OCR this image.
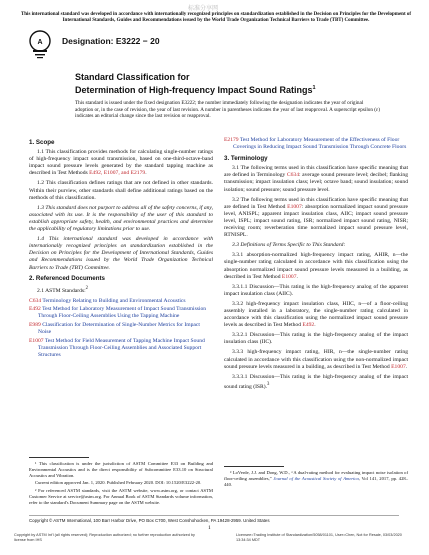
标准分享网
This international standard was developed in accordance with internationally recognized principles on standardization established in the Decision on Principles for the Development of International Standards, Guides and Recommendations issued by the World Trade Organization Technical Barriers to Trade (TBT) Committee.
A Designation: E3222 − 20
Standard Classification for
Determination of High-frequency Impact Sound Ratings$^1$
This standard is issued under the fixed designation E3222; the number immediately following the designation indicates the year of original adoption or, in the case of revision, the year of last revision. A number in parentheses indicates the year of last reapproval. A superscript epsilon (ε) indicates an editorial change since the last revision or reapproval.
1. Scope

1.1 This classification provides methods for calculating single-number ratings of high-frequency impact sound transmission, based on one-third-octave-band impact sound pressure levels generated by the standard tapping machine as described in Test Methods E492, E1007, and E2179.

1.2 This classification defines ratings that are not defined in other standards. Within their purview, other standards shall define additional ratings based on the methods of this classification.

1.3 This standard does not purport to address all of the safety concerns, if any, associated with its use. It is the responsibility of the user of this standard to establish appropriate safety, health, and environmental practices and determine the applicability of regulatory limitations prior to use.

1.4 This international standard was developed in accordance with internationally recognized principles on standardization established in the Decision on Principles for the Development of International Standards, Guides and Recommendations issued by the World Trade Organization Technical Barriers to Trade (TBT) Committee.

2. Referenced Documents

2.1 ASTM Standards:$^2$

C634 Terminology Relating to Building and Environmental Acoustics
E492 Test Method for Laboratory Measurement of Impact Sound Transmission Through Floor-Ceiling Assemblies Using the Tapping Machine
E989 Classification for Determination of Single-Number Metrics for Impact Noise
E1007 Test Method for Field Measurement of Tapping Machine Impact Sound Transmission Through Floor-Ceiling Assemblies and Associated Support Structures

¹ This classification is under the jurisdiction of ASTM Committee E33 on Building and Environmental Acoustics and is the direct responsibility of Subcommittee E33.10 on Structural Acoustics and Vibration.

Current edition approved Jan. 1, 2020. Published February 2020. DOI: 10.1520/E3222-20.

² For referenced ASTM standards, visit the ASTM website, www.astm.org, or contact ASTM Customer Service at service@astm.org. For Annual Book of ASTM Standards volume information, refer to the standard's Document Summary page on the ASTM website.

E2179 Test Method for Laboratory Measurement of the Effectiveness of Floor Coverings in Reducing Impact Sound Transmission Through Concrete Floors
3. Terminology

3.1 The following terms used in this classification have specific meaning that are defined in Terminology C634: average sound pressure level; decibel; flanking transmission; impact insulation class; level; octave band; sound insulation; sound isolation; sound pressure; sound pressure level.

3.2 The following terms used in this classification have specific meaning that are defined in Test Method E1007: absorption normalized impact sound pressure level, ANISPL; apparent impact insulation class, AIIC; impact sound pressure level, ISPL; impact sound rating, ISR; normalized impact sound rating, NISR; receiving room; reverberation time normalized impact sound pressure level, RTNISPL.

3.3 Definitions of Terms Specific to This Standard:

3.3.1 absorption-normalized high-frequency impact rating, AHIR, n—the single-number rating calculated in accordance with this classification using the absorption normalized impact sound pressure levels measured in a building, as described in Test Method E1007.

3.3.1.1 Discussion—This rating is the high-frequency analog of the apparent impact insulation class (AIIC).

3.3.2 high-frequency impact insulation class, HIIC, n—of a floor-ceiling assembly installed in a laboratory, the single-number rating calculated in accordance with this classification using the normalized impact sound pressure levels as described in Test Method E492.

3.3.2.1 Discussion—This rating is the high-frequency analog of the impact insulation class (IIC).

3.3.3 high-frequency impact rating, HIR, n—the single-number rating calculated in accordance with this classification using the non-normalized impact sound pressure levels measured in a building, as described in Test Method E1007.

3.3.3.1 Discussion—This rating is the high-frequency analog of the impact sound rating (ISR).$^3$

³ LoVerde, J.J. and Dong, W.D., “A dual-rating method for evaluating impact noise isolation of floor-ceiling assemblies,” Journal of the Acoustical Society of America, Vol 141, 2017, pp. 428–440.

Copyright © ASTM International, 100 Barr Harbor Drive, PO Box C700, West Conshohocken, PA 19428-2959. United States
1
Copyright by ASTM Int'l (all rights reserved); Reproduction authorized; no further reproduction authorized by license from IHS
Licensee=Trading Institute of Standardization/5058/01101, User=Chen, Not for Resale, 03/03/2020 13:34:34 MDT
